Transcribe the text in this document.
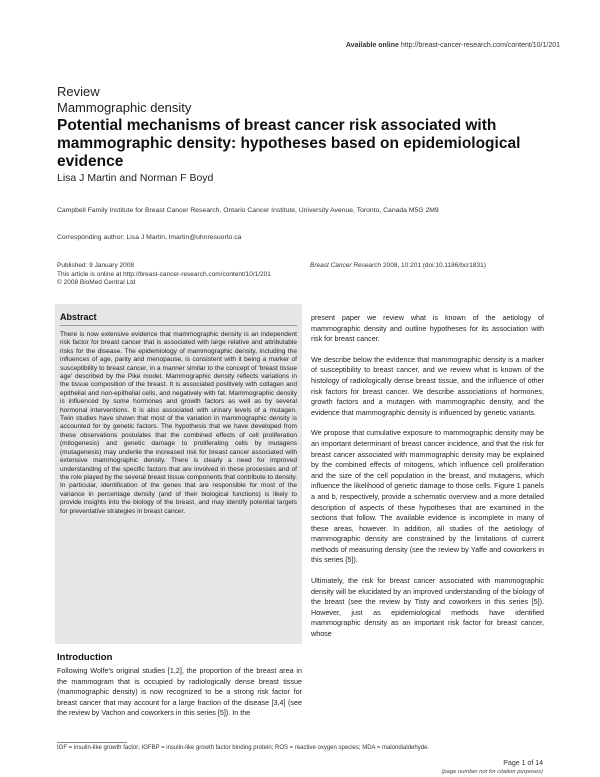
Available online http://breast-cancer-research.com/content/10/1/201
Review
Mammographic density
Potential mechanisms of breast cancer risk associated with mammographic density: hypotheses based on epidemiological evidence
Lisa J Martin and Norman F Boyd
Campbell Family Institute for Breast Cancer Research, Ontario Cancer Institute, University Avenue, Toronto, Canada M5G 2M9
Corresponding author: Lisa J Martin, lmartin@uhnresuorto.ca
Published: 9 January 2008
This article is online at http://breast-cancer-research.com/content/10/1/201
© 2008 BioMed Central Ltd
Breast Cancer Research 2008, 10:201 (doi:10.1186/bcr1831)
Abstract
There is now extensive evidence that mammographic density is an independent risk factor for breast cancer that is associated with large relative and attributable risks for the disease. The epidemiology of mammographic density, including the influences of age, parity and menopause, is consistent with it being a marker of susceptibility to breast cancer, in a manner similar to the concept of 'breast tissue age' described by the Pike model. Mammographic density reflects variations in the tissue composition of the breast. It is associated positively with collagen and epithelial and non-epithelial cells, and negatively with fat. Mammographic density is influenced by some hormones and growth factors as well as by several hormonal interventions. It is also associated with urinary levels of a mutagen. Twin studies have shown that most of the variation in mammographic density is accounted for by genetic factors. The hypothesis that we have developed from these observations postulates that the combined effects of cell proliferation (mitogenesis) and genetic damage to proliferating cells by mutagens (mutagenesis) may underlie the increased risk for breast cancer associated with extensive mammographic density. There is clearly a need for improved understanding of the specific factors that are involved in these processes and of the role played by the several breast tissue components that contribute to density. In particular, identification of the genes that are responsible for most of the variance in percentage density (and of their biological functions) is likely to provide insights into the biology of the breast, and may identify potential targets for preventative strategies in breast cancer.
Introduction
Following Wolfe's original studies [1,2], the proportion of the breast area in the mammogram that is occupied by radiologically dense breast tissue (mammographic density) is now recognized to be a strong risk factor for breast cancer that may account for a large fraction of the disease [3,4] (see the review by Vachon and coworkers in this series [5]). In the

present paper we review what is known of the aetiology of mammographic density and outline hypotheses for its association with risk for breast cancer.

We describe below the evidence that mammographic density is a marker of susceptibility to breast cancer, and we review what is known of the histology of radiologically dense breast tissue, and the influence of other risk factors for breast cancer. We describe associations of hormones, growth factors and a mutagen with mammographic density, and the evidence that mammographic density is influenced by genetic variants.

We propose that cumulative exposure to mammographic density may be an important determinant of breast cancer incidence, and that the risk for breast cancer associated with mammographic density may be explained by the combined effects of mitogens, which influence cell proliferation and the size of the cell population in the breast, and mutagens, which influence the likelihood of genetic damage to those cells. Figure 1 panels a and b, respectively, provide a schematic overview and a more detailed description of aspects of these hypotheses that are examined in the sections that follow. The available evidence is incomplete in many of these areas, however. In addition, all studies of the aetiology of mammographic density are constrained by the limitations of current methods of measuring density (see the review by Yaffe and coworkers in this series [5]).

Ultimately, the risk for breast cancer associated with mammographic density will be elucidated by an improved understanding of the biology of the breast (see the review by Tisty and coworkers in this series [5]). However, just as epidemiological methods have identified mammographic density as an important risk factor for breast cancer, whose

IGF = insulin-like growth factor; IGFBP = insulin-like growth factor binding protein; ROS = reactive oxygen species; MDA = malondialdehyde.
Page 1 of 14
(page number not for citation purposes)
